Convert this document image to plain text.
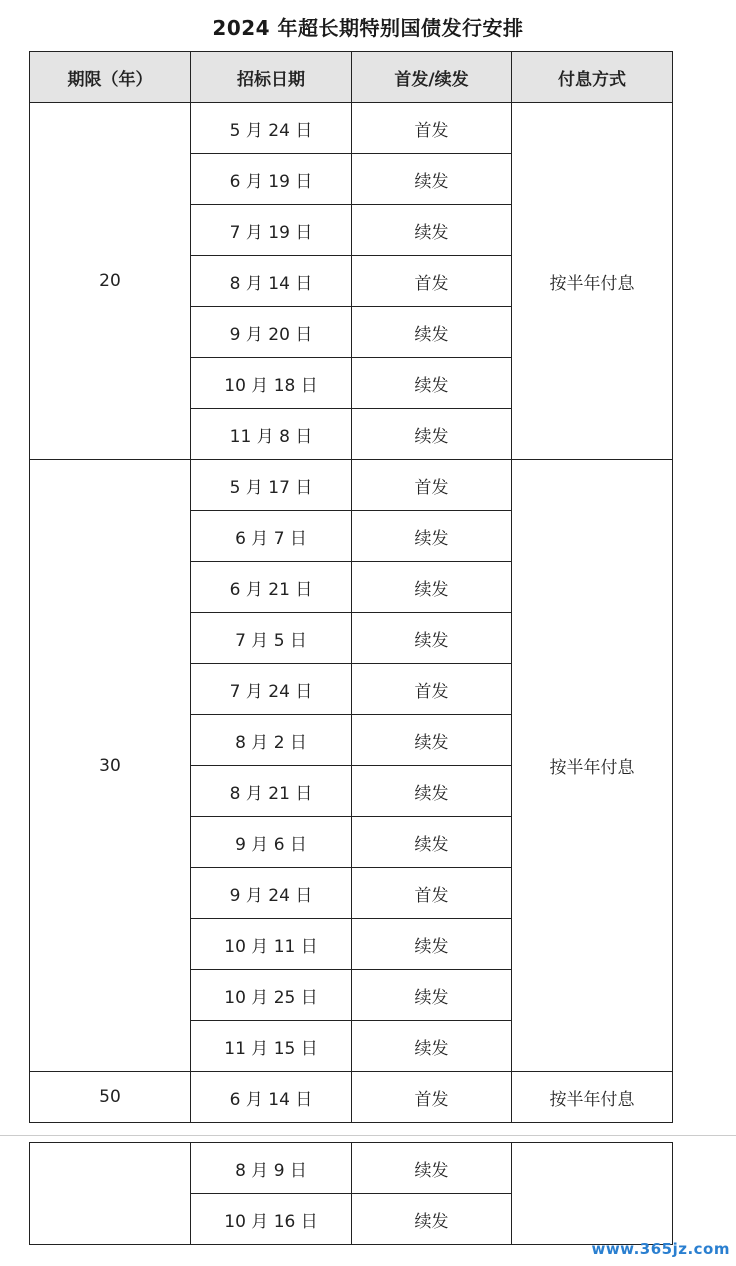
2024 年超长期特别国债发行安排
期限（年）	招标日期	首发/续发	付息方式
20	5 月 24 日	首发	按半年付息
	6 月 19 日	续发	
	7 月 19 日	续发	
	8 月 14 日	首发	
	9 月 20 日	续发	
	10 月 18 日	续发	
	11 月 8 日	续发	
30	5 月 17 日	首发	按半年付息
	6 月 7 日	续发	
	6 月 21 日	续发	
	7 月 5 日	续发	
	7 月 24 日	首发	
	8 月 2 日	续发	
	8 月 21 日	续发	
	9 月 6 日	续发	
	9 月 24 日	首发	
	10 月 11 日	续发	
	10 月 25 日	续发	
	11 月 15 日	续发	
50	6 月 14 日	首发	按半年付息
	8 月 9 日	续发	
	10 月 16 日	续发	
www.365jz.com
